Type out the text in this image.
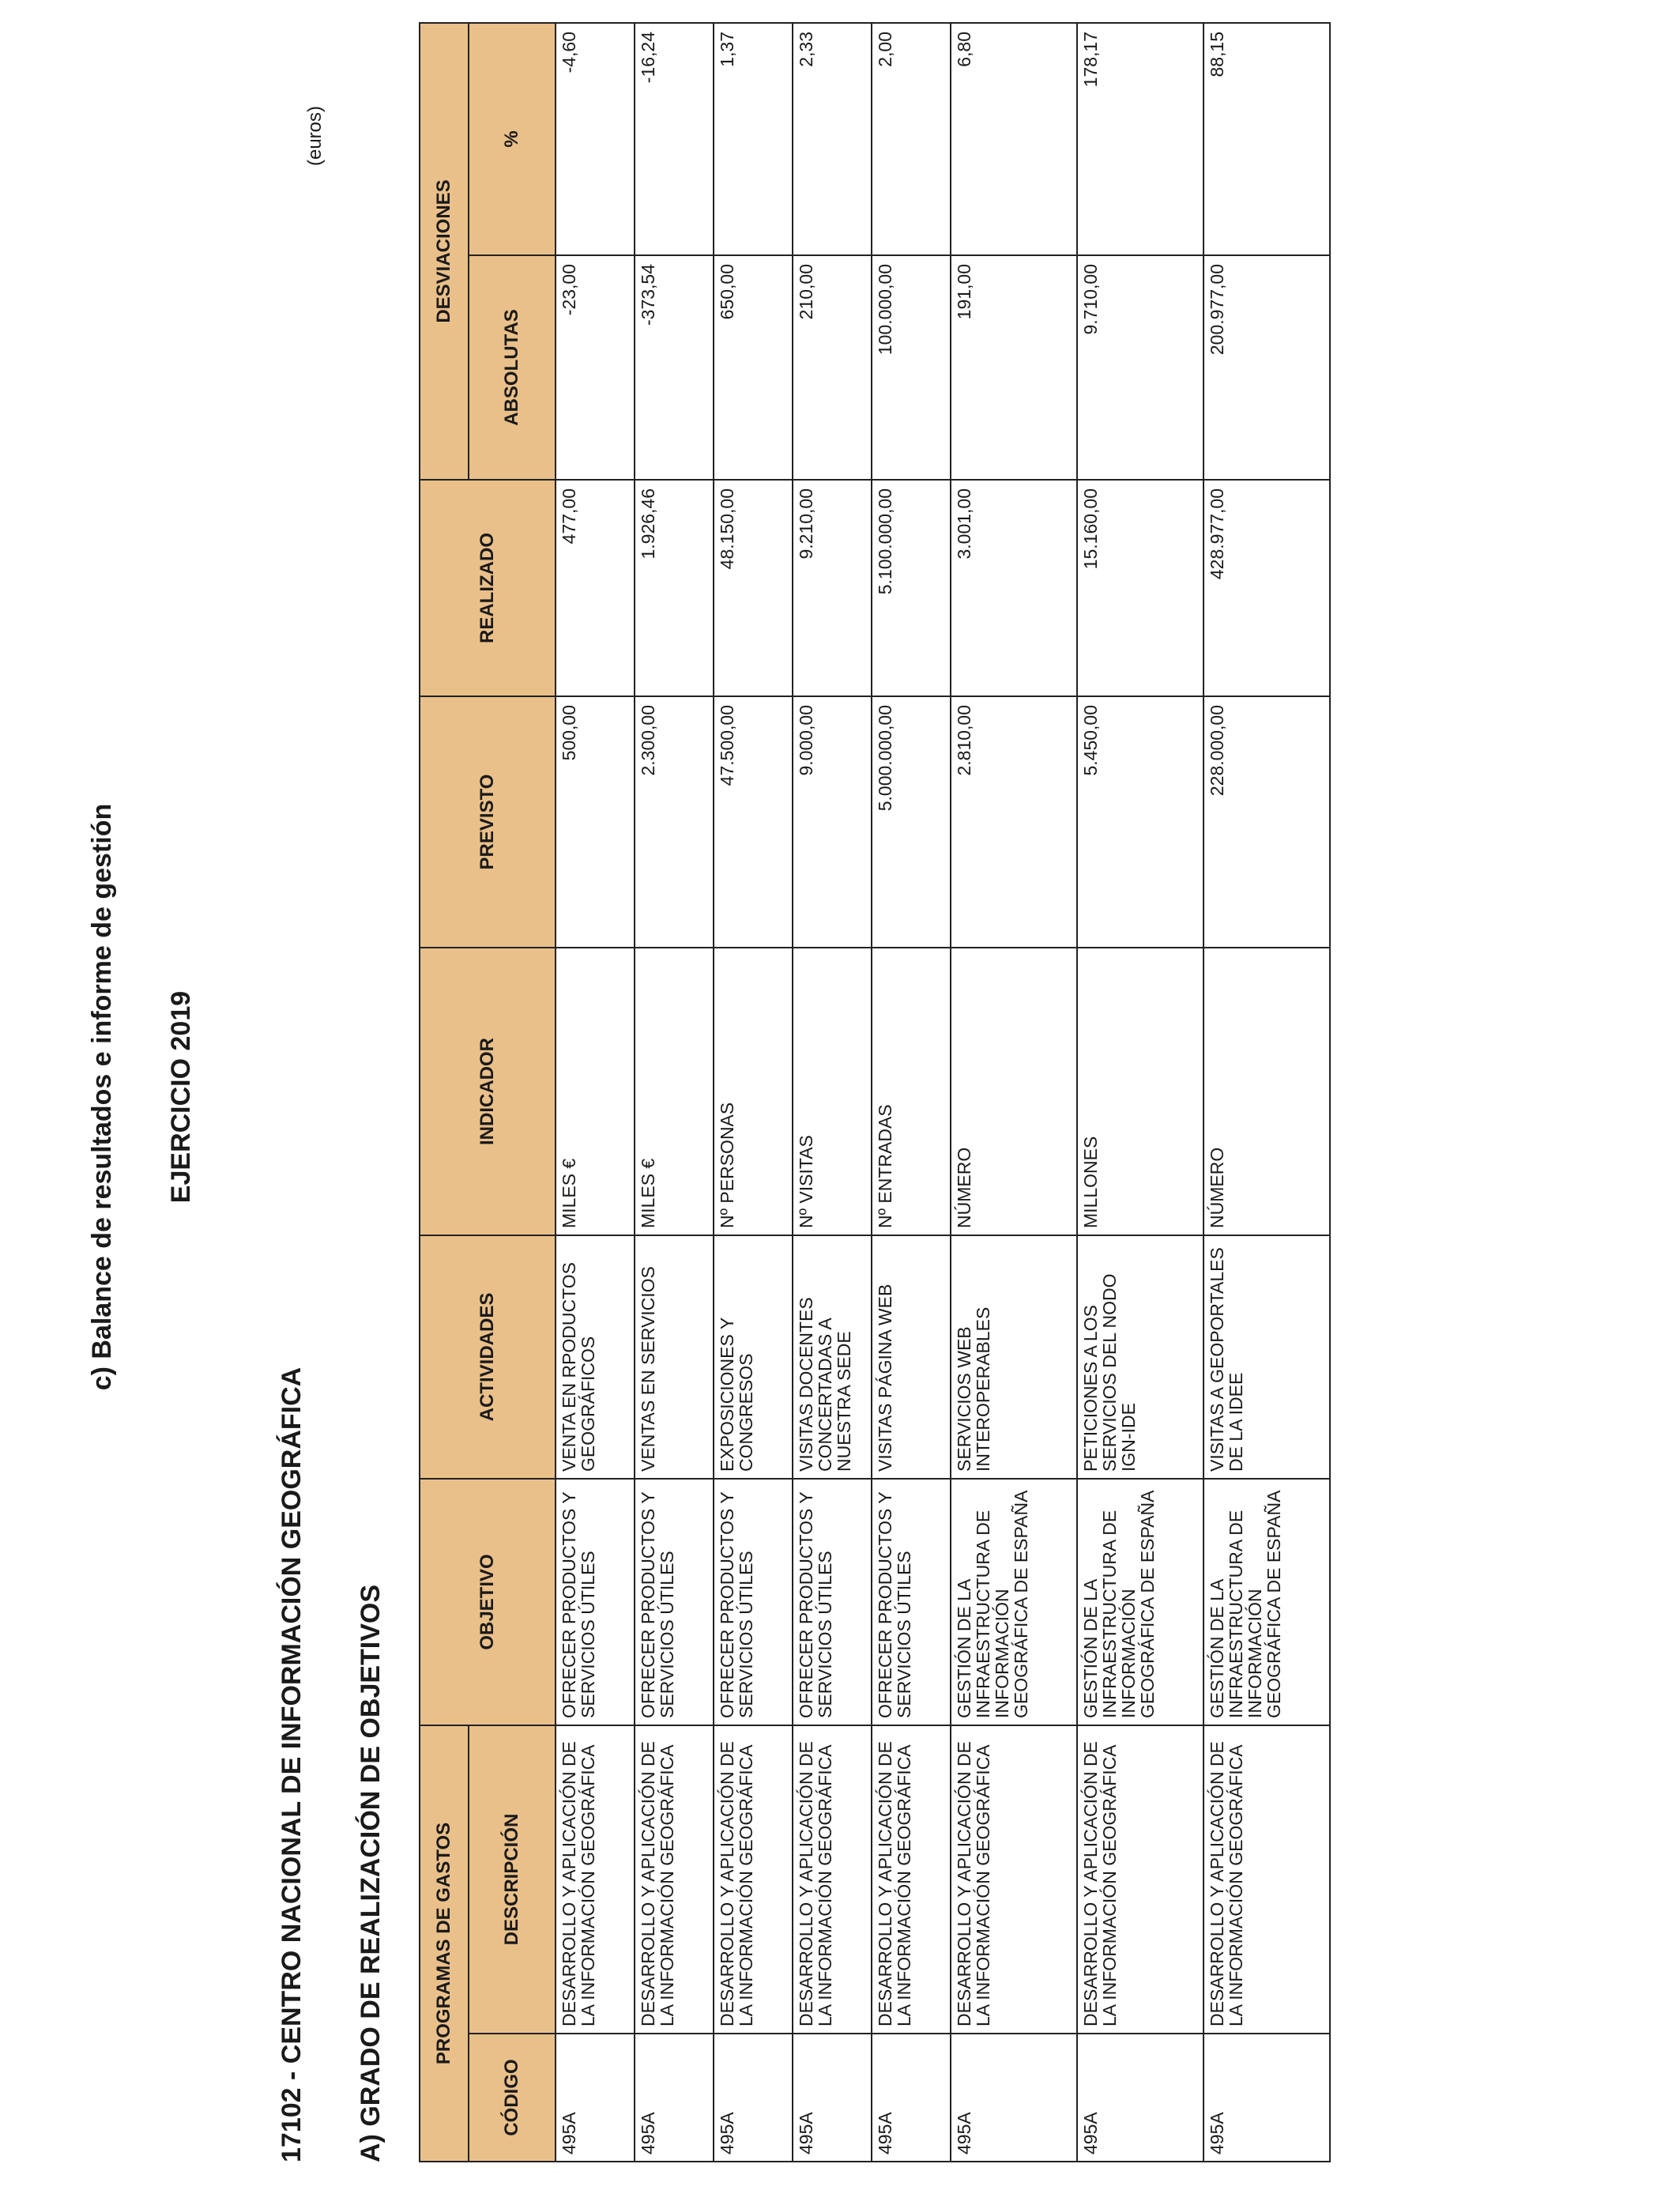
c) Balance de resultados e informe de gestión EJERCICIO 2019
17102 - CENTRO NACIONAL DE INFORMACIÓN GEOGRÁFICA A) GRADO DE REALIZACIÓN DE OBJETIVOS
(euros)
PROGRAMAS DE GASTOS		OBJETIVO	ACTIVIDADES	INDICADOR	PREVISTO	REALIZADO	DESVIACIONES	
CÓDIGO	DESCRIPCIÓN						ABSOLUTAS	%
495A	DESARROLLO Y APLICACIÓN DE LA INFORMACIÓN GEOGRÁFICA	OFRECER PRODUCTOS Y SERVICIOS ÚTILES	VENTA EN RPODUCTOS GEOGRÁFICOS	MILES €	500,00	477,00	-23,00	-4,60
495A	DESARROLLO Y APLICACIÓN DE LA INFORMACIÓN GEOGRÁFICA	OFRECER PRODUCTOS Y SERVICIOS ÚTILES	VENTAS EN SERVICIOS	MILES €	2.300,00	1.926,46	-373,54	-16,24
495A	DESARROLLO Y APLICACIÓN DE LA INFORMACIÓN GEOGRÁFICA	OFRECER PRODUCTOS Y SERVICIOS ÚTILES	EXPOSICIONES Y CONGRESOS	Nº PERSONAS	47.500,00	48.150,00	650,00	1,37
495A	DESARROLLO Y APLICACIÓN DE LA INFORMACIÓN GEOGRÁFICA	OFRECER PRODUCTOS Y SERVICIOS ÚTILES	VISITAS DOCENTES CONCERTADAS A NUESTRA SEDE	Nº VISITAS	9.000,00	9.210,00	210,00	2,33
495A	DESARROLLO Y APLICACIÓN DE LA INFORMACIÓN GEOGRÁFICA	OFRECER PRODUCTOS Y SERVICIOS ÚTILES	VISITAS PÁGINA WEB	Nº ENTRADAS	5.000.000,00	5.100.000,00	100.000,00	2,00
495A	DESARROLLO Y APLICACIÓN DE LA INFORMACIÓN GEOGRÁFICA	GESTIÓN DE LA INFRAESTRUCTURA DE INFORMACIÓN GEOGRÁFICA DE ESPAÑA	SERVICIOS WEB INTEROPERABLES	NÚMERO	2.810,00	3.001,00	191,00	6,80
495A	DESARROLLO Y APLICACIÓN DE LA INFORMACIÓN GEOGRÁFICA	GESTIÓN DE LA INFRAESTRUCTURA DE INFORMACIÓN GEOGRÁFICA DE ESPAÑA	PETICIONES A LOS SERVICIOS DEL NODO IGN-IDE	MILLONES	5.450,00	15.160,00	9.710,00	178,17
495A	DESARROLLO Y APLICACIÓN DE LA INFORMACIÓN GEOGRÁFICA	GESTIÓN DE LA INFRAESTRUCTURA DE INFORMACIÓN GEOGRÁFICA DE ESPAÑA	VISITAS A GEOPORTALES DE LA IDEE	NÚMERO	228.000,00	428.977,00	200.977,00	88,15
